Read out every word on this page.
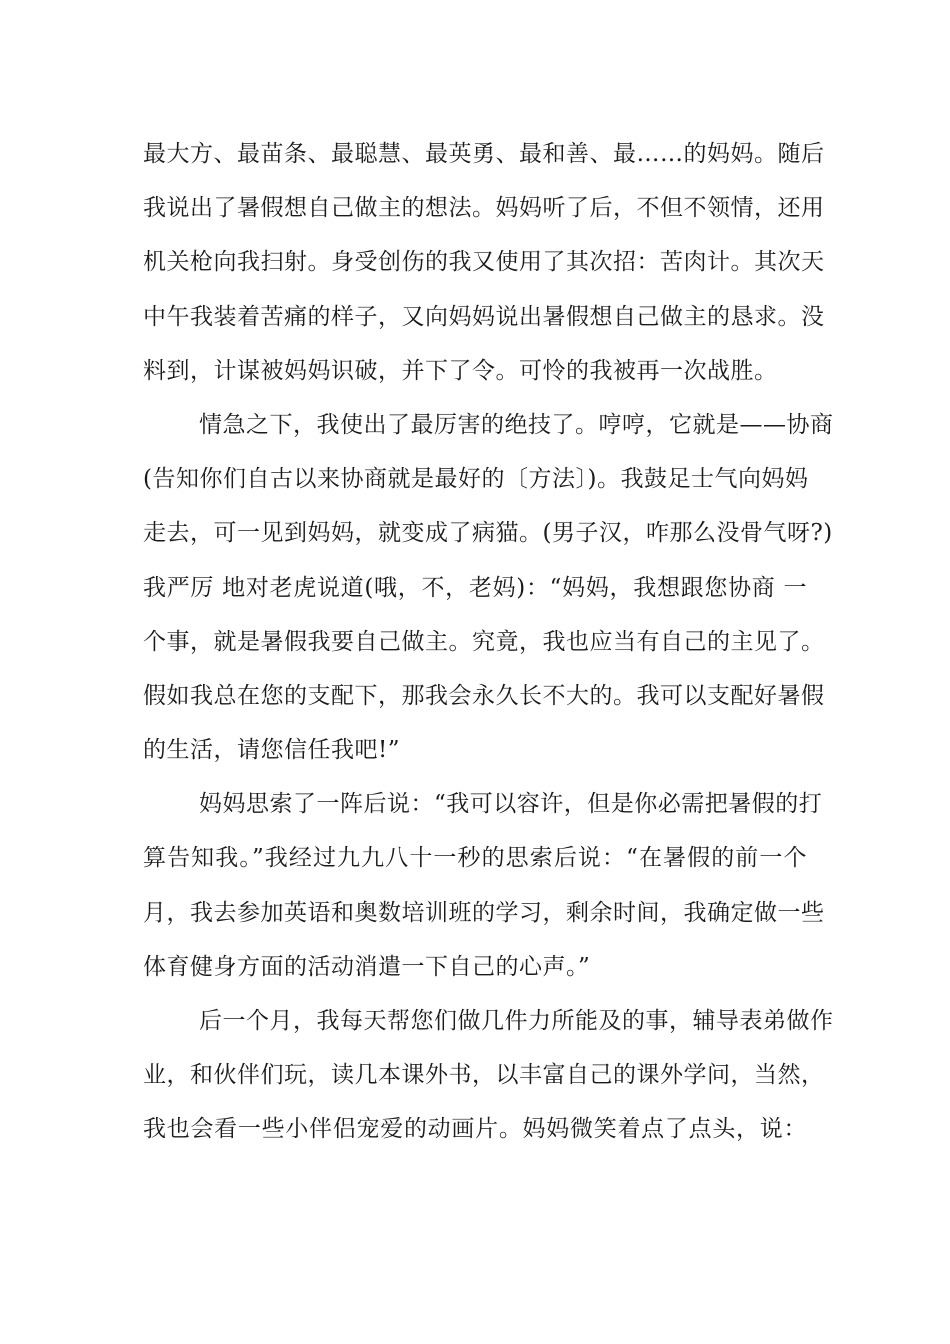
最大方、最苗条、最聪慧、最英勇、最和善、最……的妈妈。随后
我说出了暑假想自己做主的想法。妈妈听了后，不但不领情，还用
机关枪向我扫射。身受创伤的我又使用了其次招：苦肉计。其次天
中午我装着苦痛的样子，又向妈妈说出暑假想自己做主的恳求。没
料到，计谋被妈妈识破，并下了令。可怜的我被再一次战胜。
情急之下，我使出了最厉害的绝技了。哼哼，它就是——协商
(告知你们自古以来协商就是最好的〔方法〕)。我鼓足士气向妈妈
走去，可一见到妈妈，就变成了病猫。(男子汉，咋那么没骨气呀?)
我严厉 地对老虎说道(哦，不，老妈)：“妈妈，我想跟您协商 一
个事，就是暑假我要自己做主。究竟，我也应当有自己的主见了。
假如我总在您的支配下，那我会永久长不大的。我可以支配好暑假
的生活，请您信任我吧!”
妈妈思索了一阵后说：“我可以容许，但是你必需把暑假的打
算告知我。”我经过九九八十一秒的思索后说：“在暑假的前一个
月，我去参加英语和奥数培训班的学习，剩余时间，我确定做一些
体育健身方面的活动消遣一下自己的心声。”
后一个月，我每天帮您们做几件力所能及的事，辅导表弟做作
业，和伙伴们玩，读几本课外书，以丰富自己的课外学问，当然，
我也会看一些小伴侣宠爱的动画片。妈妈微笑着点了点头，说：
